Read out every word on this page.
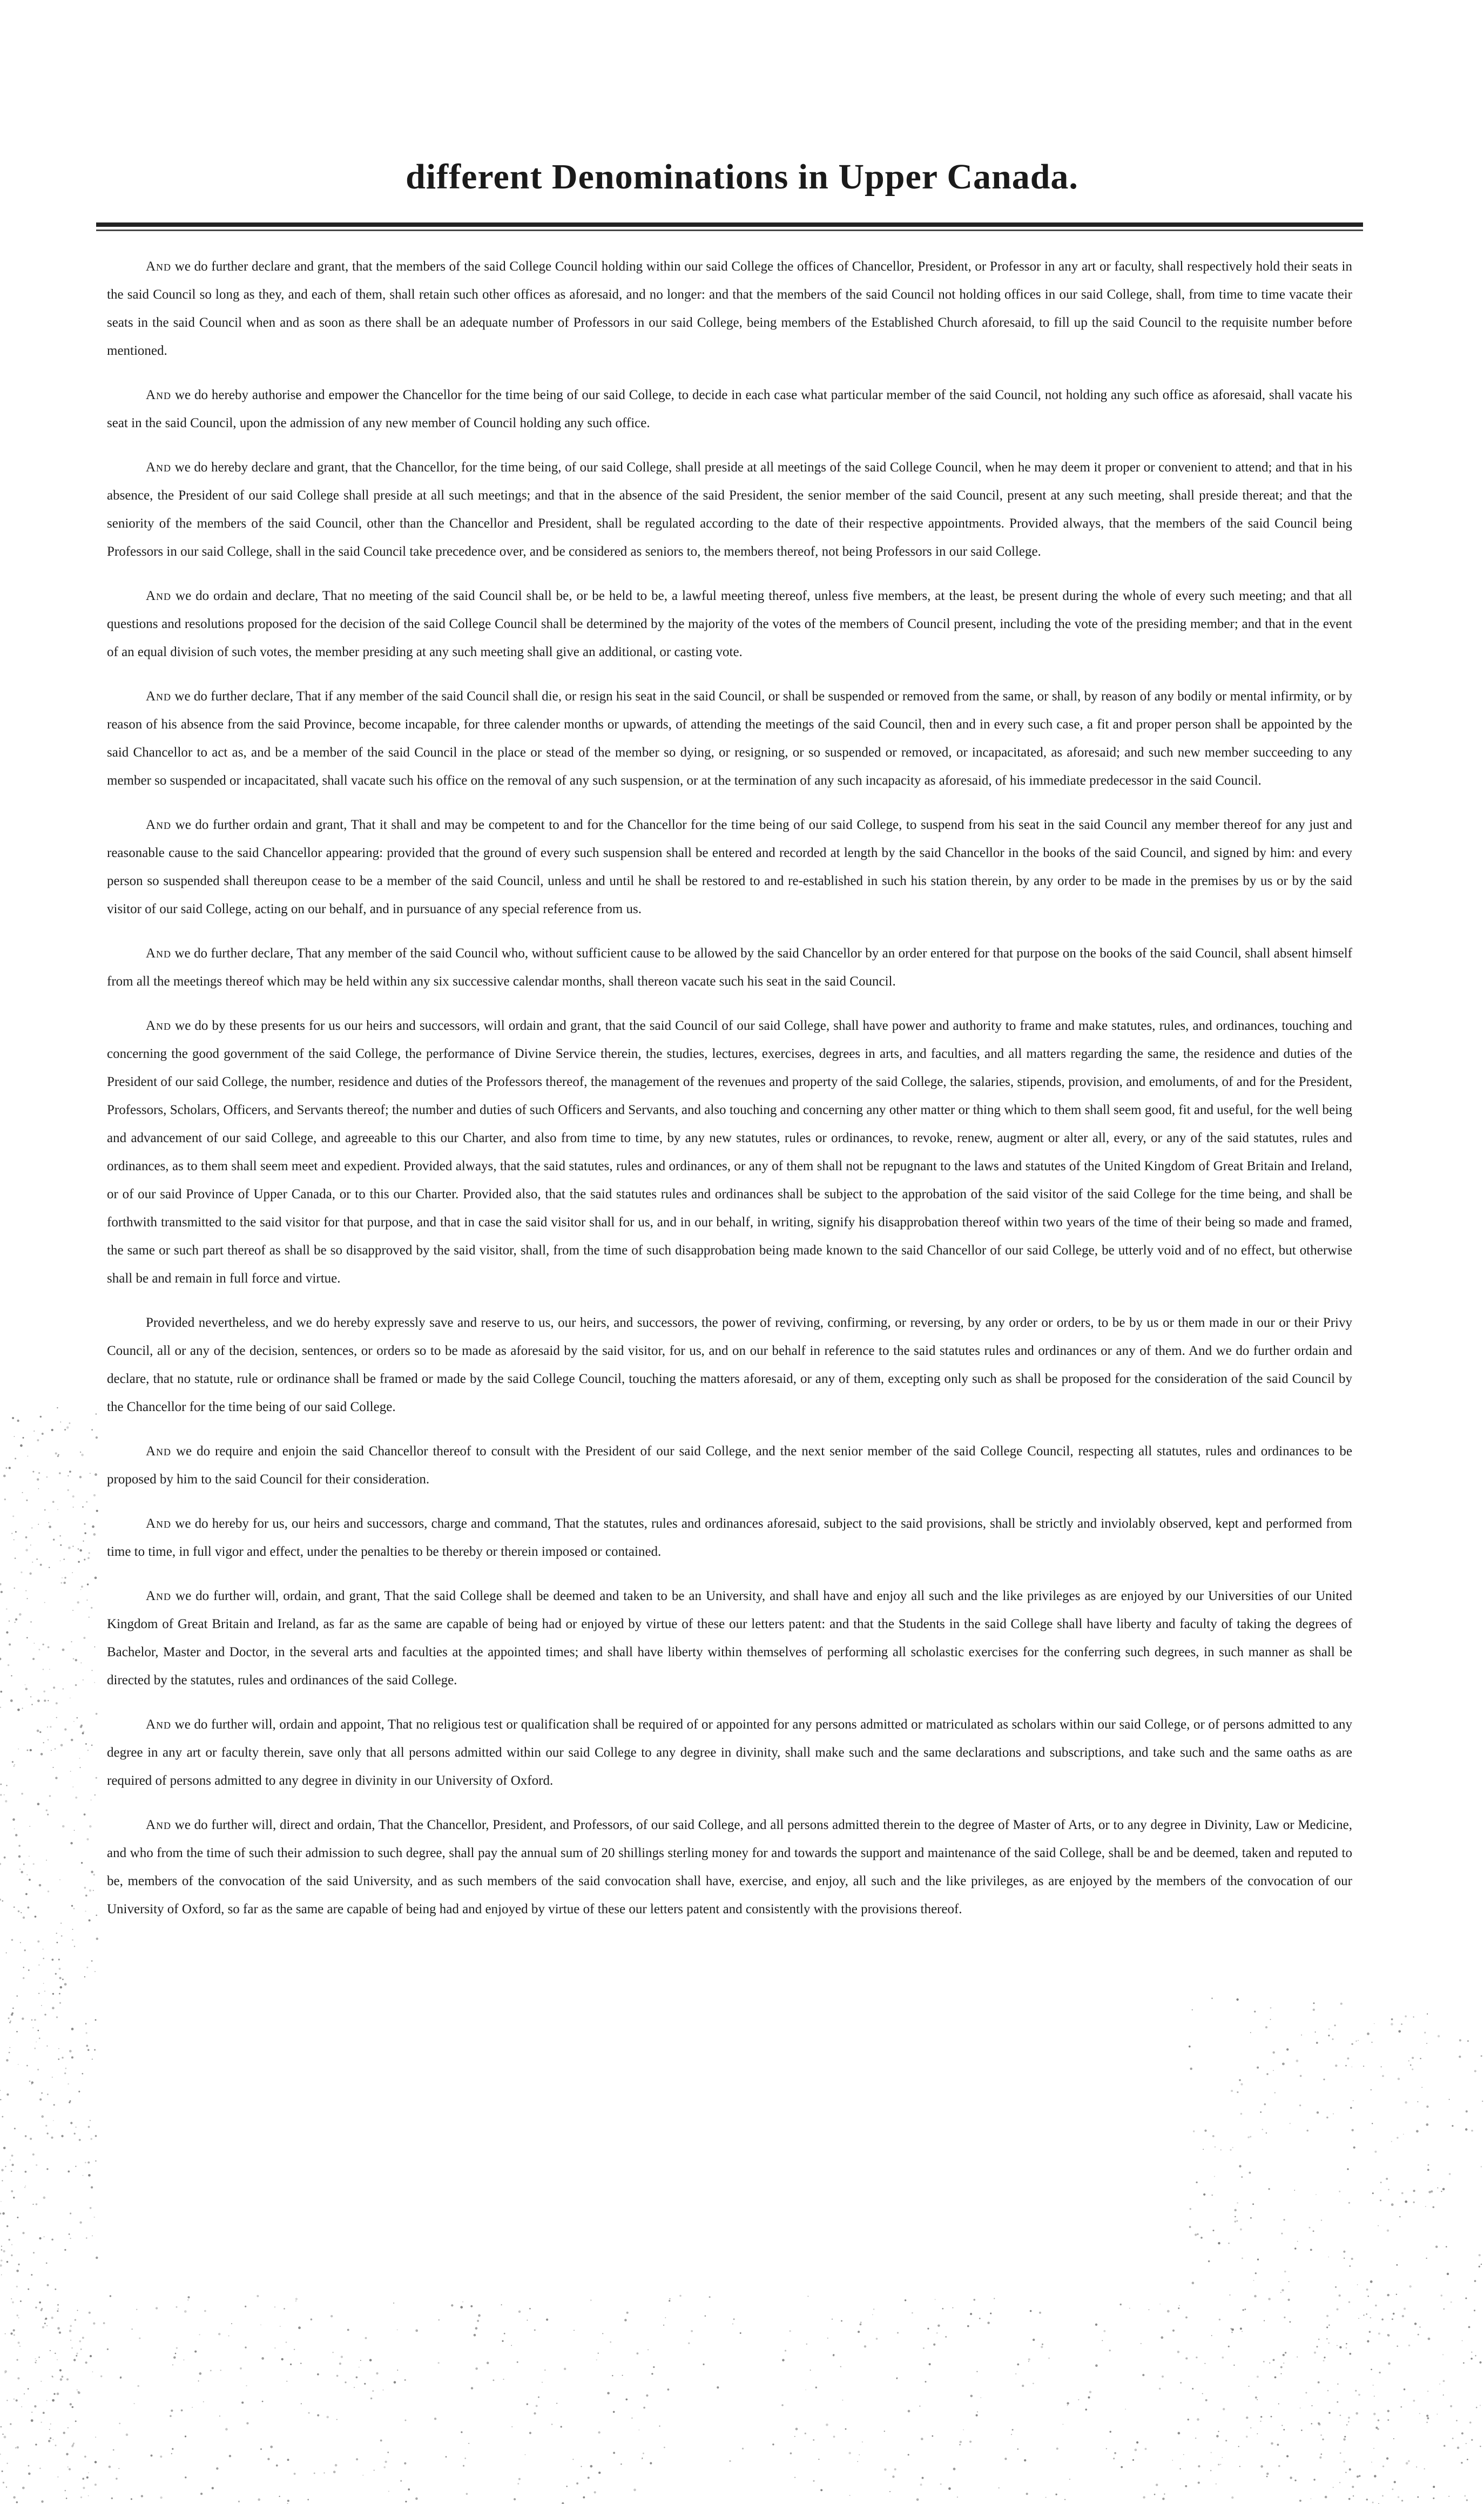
different Denominations in Upper Canada.

And we do further declare and grant, that the members of the said College Council holding within our said College the offices of Chancellor, President, or Professor in any art or faculty, shall respectively hold their seats in the said Council so long as they, and each of them, shall retain such other offices as aforesaid, and no longer: and that the members of the said Council not holding offices in our said College, shall, from time to time vacate their seats in the said Council when and as soon as there shall be an adequate number of Professors in our said College, being members of the Established Church aforesaid, to fill up the said Council to the requisite number before mentioned.

And we do hereby authorise and empower the Chancellor for the time being of our said College, to decide in each case what particular member of the said Council, not holding any such office as aforesaid, shall vacate his seat in the said Council, upon the admission of any new member of Council holding any such office.

And we do hereby declare and grant, that the Chancellor, for the time being, of our said College, shall preside at all meetings of the said College Council, when he may deem it proper or convenient to attend; and that in his absence, the President of our said College shall preside at all such meetings; and that in the absence of the said President, the senior member of the said Council, present at any such meeting, shall preside thereat; and that the seniority of the members of the said Council, other than the Chancellor and President, shall be regulated according to the date of their respective appointments. Provided always, that the members of the said Council being Professors in our said College, shall in the said Council take precedence over, and be considered as seniors to, the members thereof, not being Professors in our said College.

And we do ordain and declare, That no meeting of the said Council shall be, or be held to be, a lawful meeting thereof, unless five members, at the least, be present during the whole of every such meeting; and that all questions and resolutions proposed for the decision of the said College Council shall be determined by the majority of the votes of the members of Council present, including the vote of the presiding member; and that in the event of an equal division of such votes, the member presiding at any such meeting shall give an additional, or casting vote.

And we do further declare, That if any member of the said Council shall die, or resign his seat in the said Council, or shall be suspended or removed from the same, or shall, by reason of any bodily or mental infirmity, or by reason of his absence from the said Province, become incapable, for three calender months or upwards, of attending the meetings of the said Council, then and in every such case, a fit and proper person shall be appointed by the said Chancellor to act as, and be a member of the said Council in the place or stead of the member so dying, or resigning, or so suspended or removed, or incapacitated, as aforesaid; and such new member succeeding to any member so suspended or incapacitated, shall vacate such his office on the removal of any such suspension, or at the termination of any such incapacity as aforesaid, of his immediate predecessor in the said Council.

And we do further ordain and grant, That it shall and may be competent to and for the Chancellor for the time being of our said College, to suspend from his seat in the said Council any member thereof for any just and reasonable cause to the said Chancellor appearing: provided that the ground of every such suspension shall be entered and recorded at length by the said Chancellor in the books of the said Council, and signed by him: and every person so suspended shall thereupon cease to be a member of the said Council, unless and until he shall be restored to and re-established in such his station therein, by any order to be made in the premises by us or by the said visitor of our said College, acting on our behalf, and in pursuance of any special reference from us.

And we do further declare, That any member of the said Council who, without sufficient cause to be allowed by the said Chancellor by an order entered for that purpose on the books of the said Council, shall absent himself from all the meetings thereof which may be held within any six successive calendar months, shall thereon vacate such his seat in the said Council.

And we do by these presents for us our heirs and successors, will ordain and grant, that the said Council of our said College, shall have power and authority to frame and make statutes, rules, and ordinances, touching and concerning the good government of the said College, the performance of Divine Service therein, the studies, lectures, exercises, degrees in arts, and faculties, and all matters regarding the same, the residence and duties of the President of our said College, the number, residence and duties of the Professors thereof, the management of the revenues and property of the said College, the salaries, stipends, provision, and emoluments, of and for the President, Professors, Scholars, Officers, and Servants thereof; the number and duties of such Officers and Servants, and also touching and concerning any other matter or thing which to them shall seem good, fit and useful, for the well being and advancement of our said College, and agreeable to this our Charter, and also from time to time, by any new statutes, rules or ordinances, to revoke, renew, augment or alter all, every, or any of the said statutes, rules and ordinances, as to them shall seem meet and expedient. Provided always, that the said statutes, rules and ordinances, or any of them shall not be repugnant to the laws and statutes of the United Kingdom of Great Britain and Ireland, or of our said Province of Upper Canada, or to this our Charter. Provided also, that the said statutes rules and ordinances shall be subject to the approbation of the said visitor of the said College for the time being, and shall be forthwith transmitted to the said visitor for that purpose, and that in case the said visitor shall for us, and in our behalf, in writing, signify his disapprobation thereof within two years of the time of their being so made and framed, the same or such part thereof as shall be so disapproved by the said visitor, shall, from the time of such disapprobation being made known to the said Chancellor of our said College, be utterly void and of no effect, but otherwise shall be and remain in full force and virtue.

Provided nevertheless, and we do hereby expressly save and reserve to us, our heirs, and successors, the power of reviving, confirming, or reversing, by any order or orders, to be by us or them made in our or their Privy Council, all or any of the decision, sentences, or orders so to be made as aforesaid by the said visitor, for us, and on our behalf in reference to the said statutes rules and ordinances or any of them. And we do further ordain and declare, that no statute, rule or ordinance shall be framed or made by the said College Council, touching the matters aforesaid, or any of them, excepting only such as shall be proposed for the consideration of the said Council by the Chancellor for the time being of our said College.

And we do require and enjoin the said Chancellor thereof to consult with the President of our said College, and the next senior member of the said College Council, respecting all statutes, rules and ordinances to be proposed by him to the said Council for their consideration.

And we do hereby for us, our heirs and successors, charge and command, That the statutes, rules and ordinances aforesaid, subject to the said provisions, shall be strictly and inviolably observed, kept and performed from time to time, in full vigor and effect, under the penalties to be thereby or therein imposed or contained.

And we do further will, ordain, and grant, That the said College shall be deemed and taken to be an University, and shall have and enjoy all such and the like privileges as are enjoyed by our Universities of our United Kingdom of Great Britain and Ireland, as far as the same are capable of being had or enjoyed by virtue of these our letters patent: and that the Students in the said College shall have liberty and faculty of taking the degrees of Bachelor, Master and Doctor, in the several arts and faculties at the appointed times; and shall have liberty within themselves of performing all scholastic exercises for the conferring such degrees, in such manner as shall be directed by the statutes, rules and ordinances of the said College.

And we do further will, ordain and appoint, That no religious test or qualification shall be required of or appointed for any persons admitted or matriculated as scholars within our said College, or of persons admitted to any degree in any art or faculty therein, save only that all persons admitted within our said College to any degree in divinity, shall make such and the same declarations and subscriptions, and take such and the same oaths as are required of persons admitted to any degree in divinity in our University of Oxford.

And we do further will, direct and ordain, That the Chancellor, President, and Professors, of our said College, and all persons admitted therein to the degree of Master of Arts, or to any degree in Divinity, Law or Medicine, and who from the time of such their admission to such degree, shall pay the annual sum of 20 shillings sterling money for and towards the support and maintenance of the said College, shall be and be deemed, taken and reputed to be, members of the convocation of the said University, and as such members of the said convocation shall have, exercise, and enjoy, all such and the like privileges, as are enjoyed by the members of the convocation of our University of Oxford, so far as the same are capable of being had and enjoyed by virtue of these our letters patent and consistently with the provisions thereof.
